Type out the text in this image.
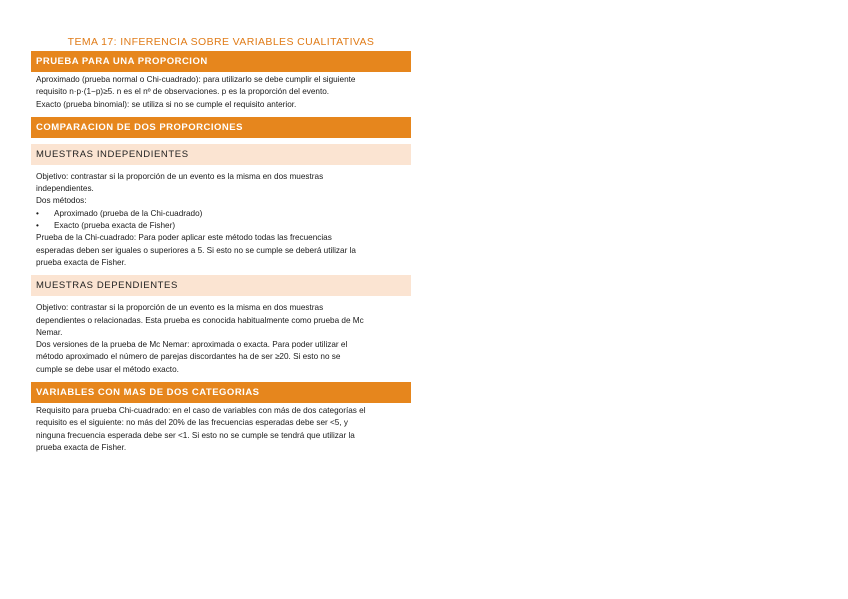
TEMA 17: INFERENCIA SOBRE VARIABLES CUALITATIVAS
PRUEBA PARA UNA PROPORCION
Aproximado (prueba normal o Chi-cuadrado): para utilizarlo se debe cumplir el siguiente
requisito n·p·(1−p)≥5. n es el nº de observaciones. p es la proporción del evento.
Exacto (prueba binomial): se utiliza si no se cumple el requisito anterior.
COMPARACION DE DOS PROPORCIONES
MUESTRAS INDEPENDIENTES
Objetivo: contrastar si la proporción de un evento es la misma en dos muestras
independientes.
Dos métodos:
•	Aproximado (prueba de la Chi-cuadrado)
•	Exacto (prueba exacta de Fisher)
Prueba de la Chi-cuadrado: Para poder aplicar este método todas las frecuencias
esperadas deben ser iguales o superiores a 5. Si esto no se cumple se deberá utilizar la
prueba exacta de Fisher.
MUESTRAS DEPENDIENTES
Objetivo: contrastar si la proporción de un evento es la misma en dos muestras
dependientes o relacionadas. Esta prueba es conocida habitualmente como prueba de Mc
Nemar.
Dos versiones de la prueba de Mc Nemar: aproximada o exacta. Para poder utilizar el
método aproximado el número de parejas discordantes ha de ser ≥20. Si esto no se
cumple se debe usar el método exacto.
VARIABLES CON MAS DE DOS CATEGORIAS
Requisito para prueba Chi-cuadrado: en el caso de variables con más de dos categorías el
requisito es el siguiente: no más del 20% de las frecuencias esperadas debe ser <5, y
ninguna frecuencia esperada debe ser <1. Si esto no se cumple se tendrá que utilizar la
prueba exacta de Fisher.
